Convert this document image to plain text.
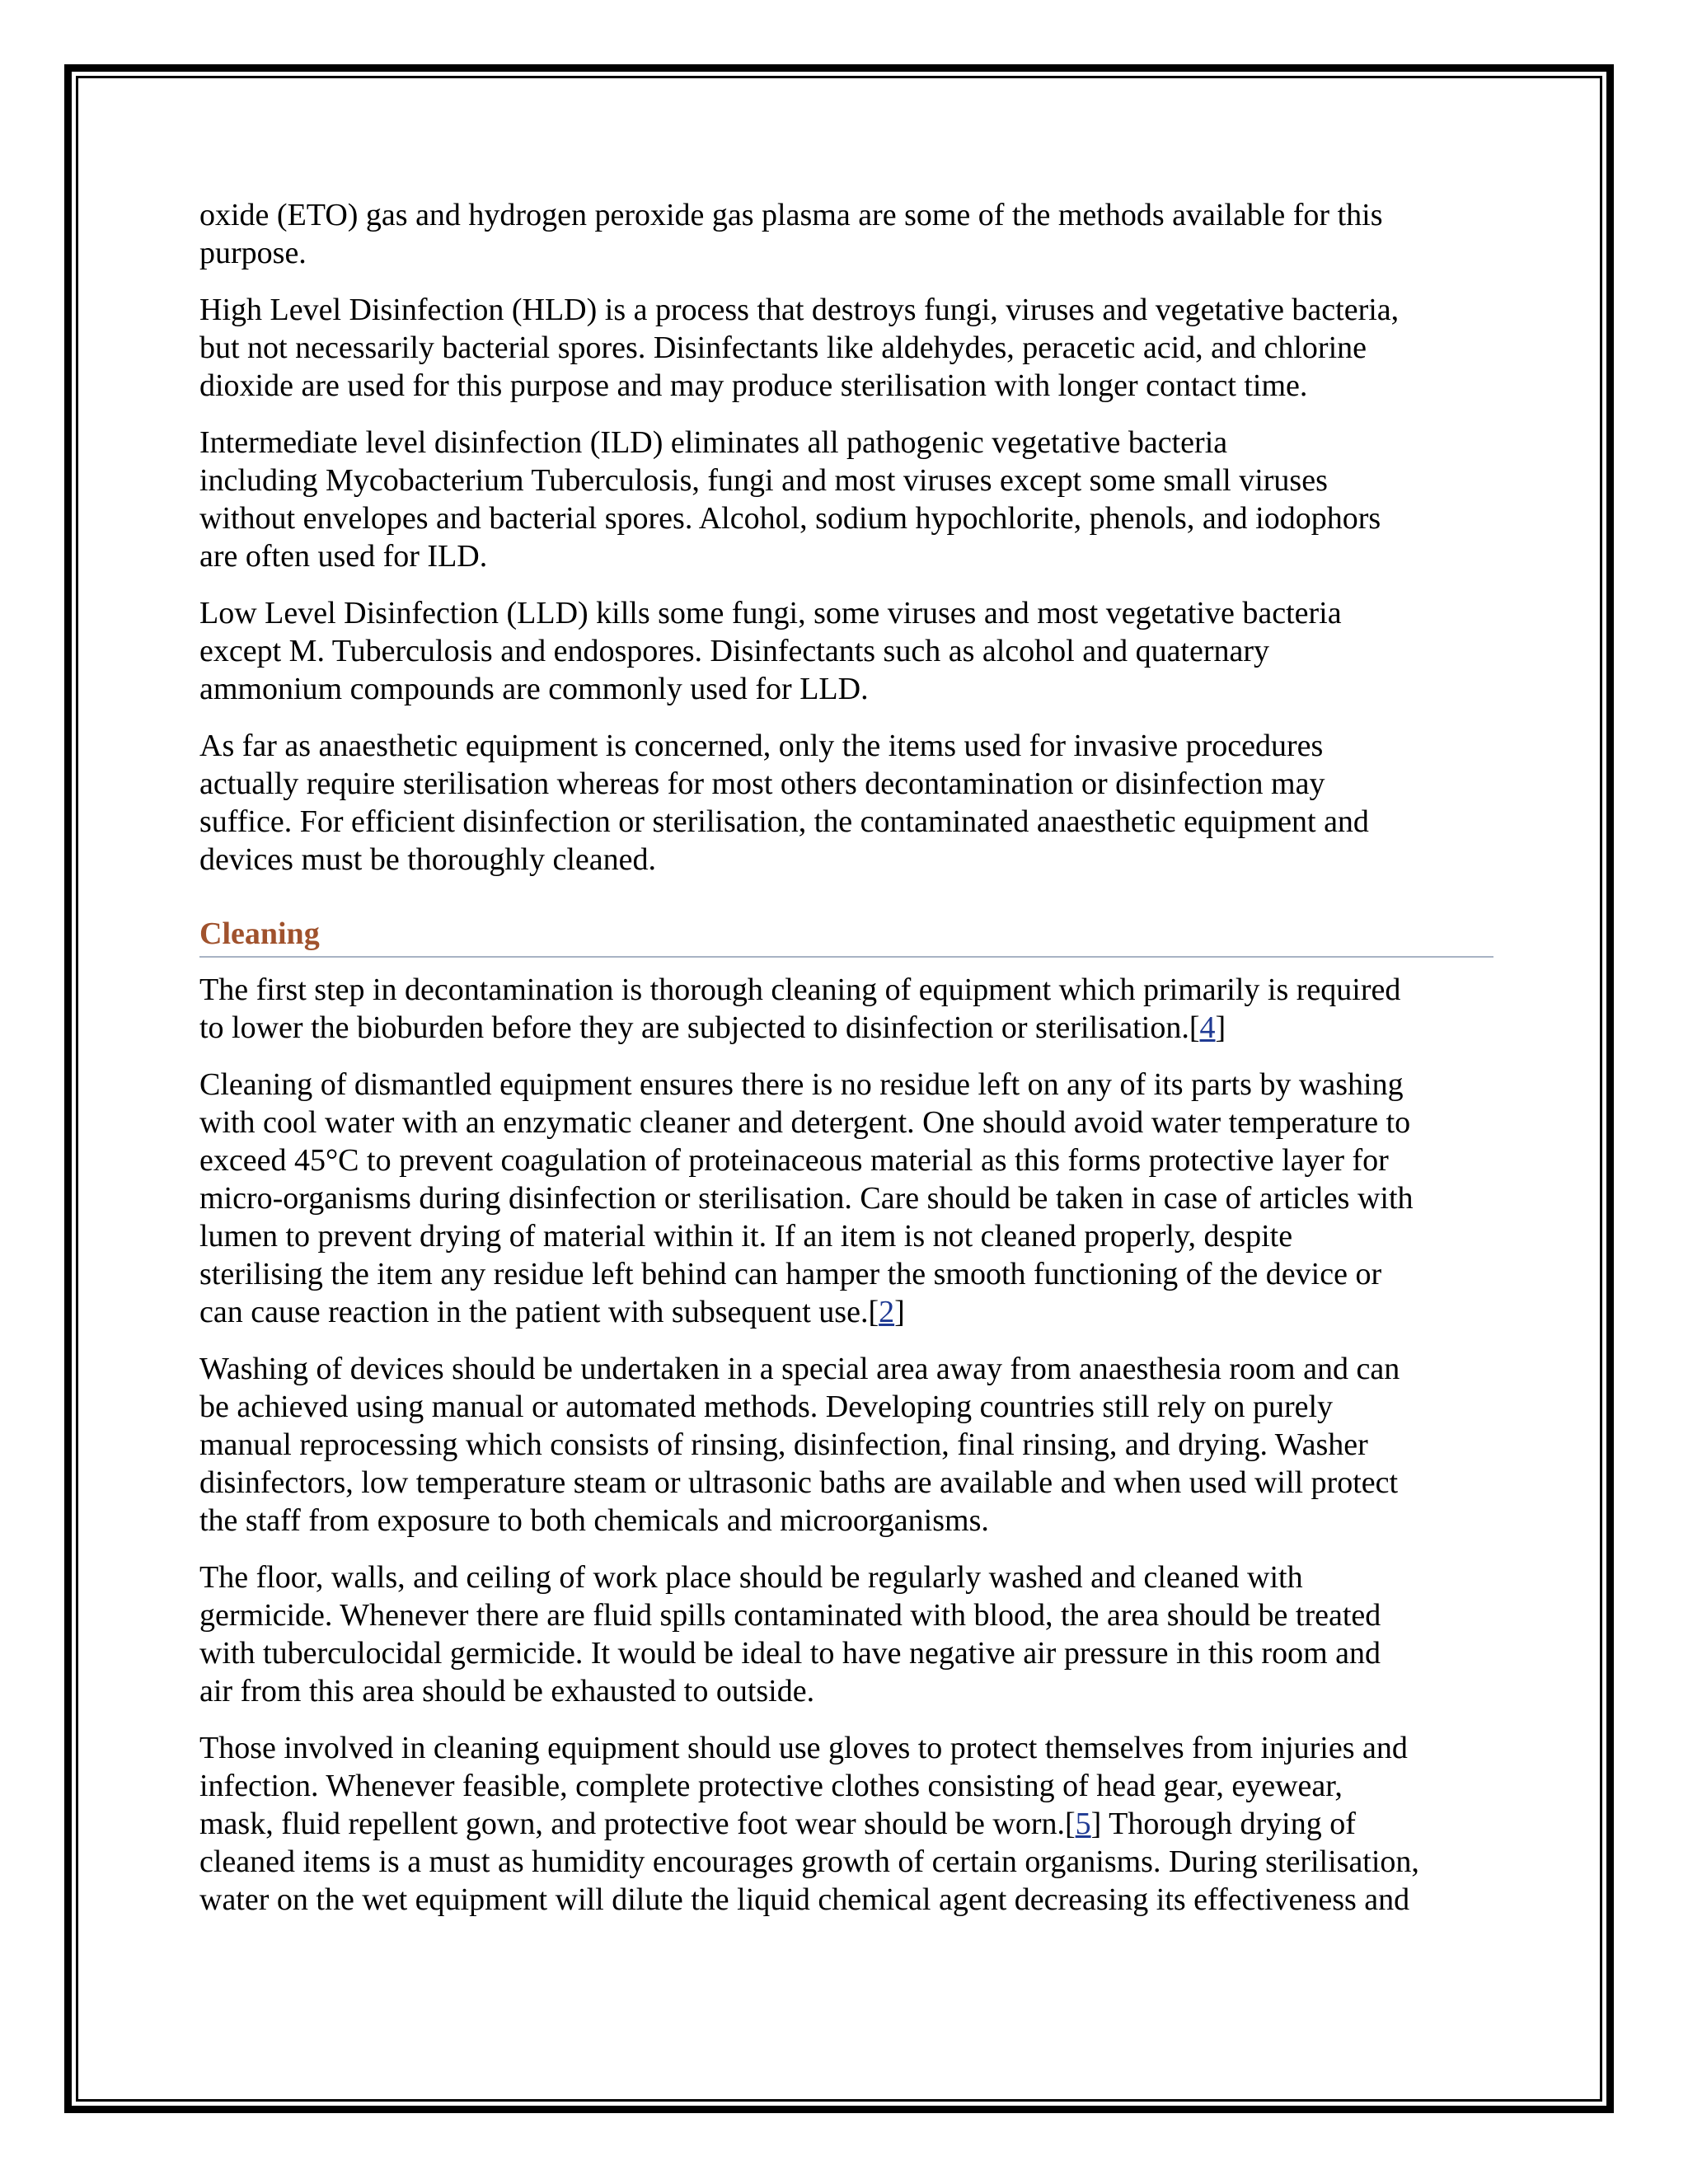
oxide (ETO) gas and hydrogen peroxide gas plasma are some of the methods available for this
purpose.

High Level Disinfection (HLD) is a process that destroys fungi, viruses and vegetative bacteria,
but not necessarily bacterial spores. Disinfectants like aldehydes, peracetic acid, and chlorine
dioxide are used for this purpose and may produce sterilisation with longer contact time.

Intermediate level disinfection (ILD) eliminates all pathogenic vegetative bacteria
including Mycobacterium Tuberculosis, fungi and most viruses except some small viruses
without envelopes and bacterial spores. Alcohol, sodium hypochlorite, phenols, and iodophors
are often used for ILD.

Low Level Disinfection (LLD) kills some fungi, some viruses and most vegetative bacteria
except M. Tuberculosis and endospores. Disinfectants such as alcohol and quaternary
ammonium compounds are commonly used for LLD.

As far as anaesthetic equipment is concerned, only the items used for invasive procedures
actually require sterilisation whereas for most others decontamination or disinfection may
suffice. For efficient disinfection or sterilisation, the contaminated anaesthetic equipment and
devices must be thoroughly cleaned.

Cleaning

The first step in decontamination is thorough cleaning of equipment which primarily is required
to lower the bioburden before they are subjected to disinfection or sterilisation.[4]

Cleaning of dismantled equipment ensures there is no residue left on any of its parts by washing
with cool water with an enzymatic cleaner and detergent. One should avoid water temperature to
exceed 45°C to prevent coagulation of proteinaceous material as this forms protective layer for
micro-organisms during disinfection or sterilisation. Care should be taken in case of articles with
lumen to prevent drying of material within it. If an item is not cleaned properly, despite
sterilising the item any residue left behind can hamper the smooth functioning of the device or
can cause reaction in the patient with subsequent use.[2]

Washing of devices should be undertaken in a special area away from anaesthesia room and can
be achieved using manual or automated methods. Developing countries still rely on purely
manual reprocessing which consists of rinsing, disinfection, final rinsing, and drying. Washer
disinfectors, low temperature steam or ultrasonic baths are available and when used will protect
the staff from exposure to both chemicals and microorganisms.

The floor, walls, and ceiling of work place should be regularly washed and cleaned with
germicide. Whenever there are fluid spills contaminated with blood, the area should be treated
with tuberculocidal germicide. It would be ideal to have negative air pressure in this room and
air from this area should be exhausted to outside.

Those involved in cleaning equipment should use gloves to protect themselves from injuries and
infection. Whenever feasible, complete protective clothes consisting of head gear, eyewear,
mask, fluid repellent gown, and protective foot wear should be worn.[5] Thorough drying of
cleaned items is a must as humidity encourages growth of certain organisms. During sterilisation,
water on the wet equipment will dilute the liquid chemical agent decreasing its effectiveness and
